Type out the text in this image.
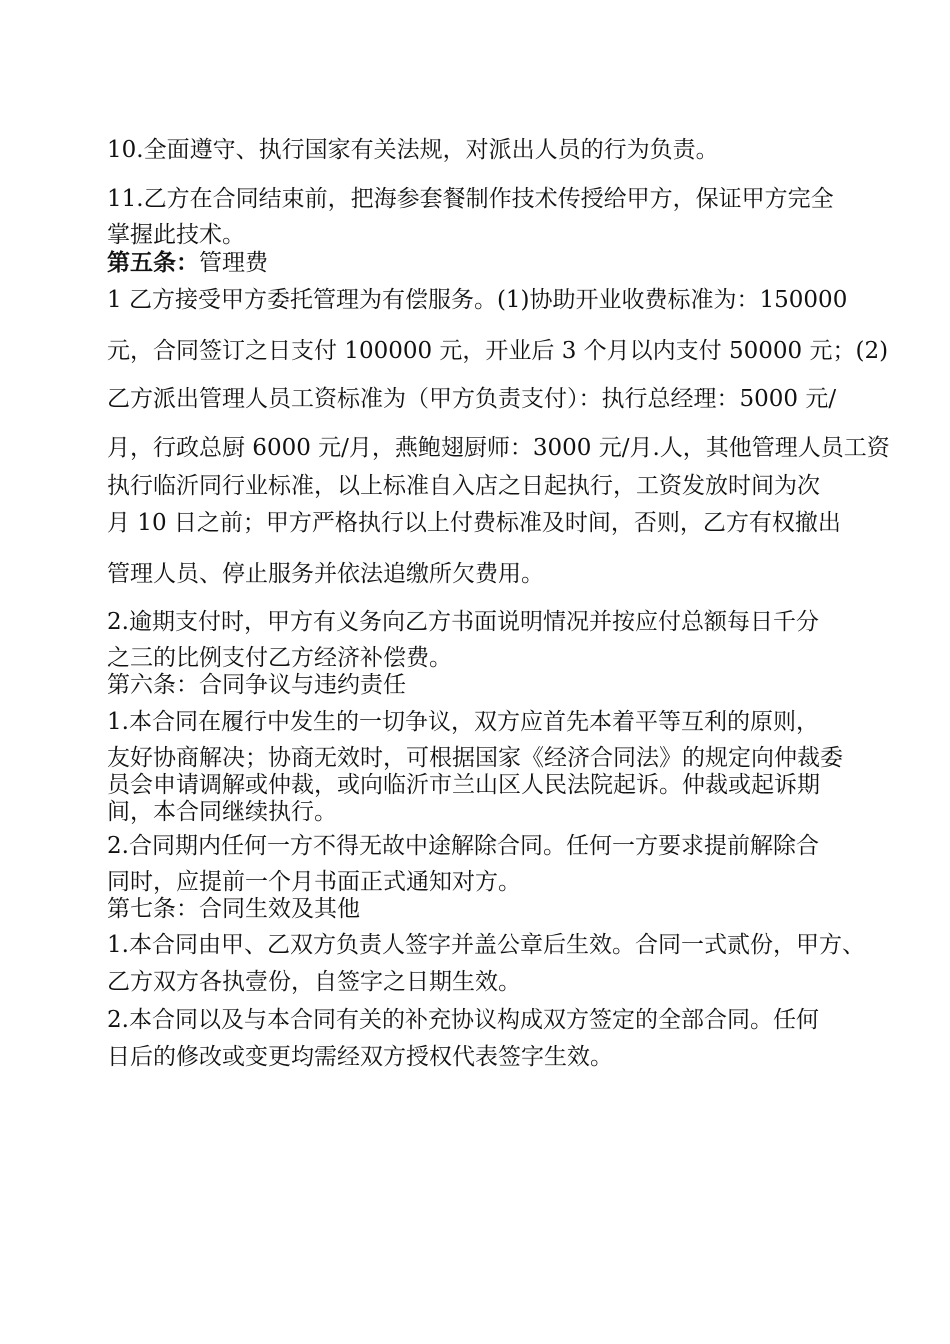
10.全面遵守、执行国家有关法规，对派出人员的行为负责。
11.乙方在合同结束前，把海参套餐制作技术传授给甲方，保证甲方完全
掌握此技术。
第五条：管理费
1 乙方接受甲方委托管理为有偿服务。(1)协助开业收费标准为：150000
元，合同签订之日支付 100000 元，开业后 3 个月以内支付 50000 元；(2)
乙方派出管理人员工资标准为（甲方负责支付）：执行总经理：5000 元/
月，行政总厨 6000 元/月，燕鲍翅厨师：3000 元/月.人，其他管理人员工资
执行临沂同行业标准，以上标准自入店之日起执行，工资发放时间为次
月 10 日之前；甲方严格执行以上付费标准及时间，否则，乙方有权撤出
管理人员、停止服务并依法追缴所欠费用。
2.逾期支付时，甲方有义务向乙方书面说明情况并按应付总额每日千分
之三的比例支付乙方经济补偿费。
第六条：合同争议与违约责任
1.本合同在履行中发生的一切争议，双方应首先本着平等互利的原则，
友好协商解决；协商无效时，可根据国家《经济合同法》的规定向仲裁委
员会申请调解或仲裁，或向临沂市兰山区人民法院起诉。仲裁或起诉期
间，本合同继续执行。
2.合同期内任何一方不得无故中途解除合同。任何一方要求提前解除合
同时，应提前一个月书面正式通知对方。
第七条：合同生效及其他
1.本合同由甲、乙双方负责人签字并盖公章后生效。合同一式贰份，甲方、
乙方双方各执壹份，自签字之日期生效。
2.本合同以及与本合同有关的补充协议构成双方签定的全部合同。任何
日后的修改或变更均需经双方授权代表签字生效。
